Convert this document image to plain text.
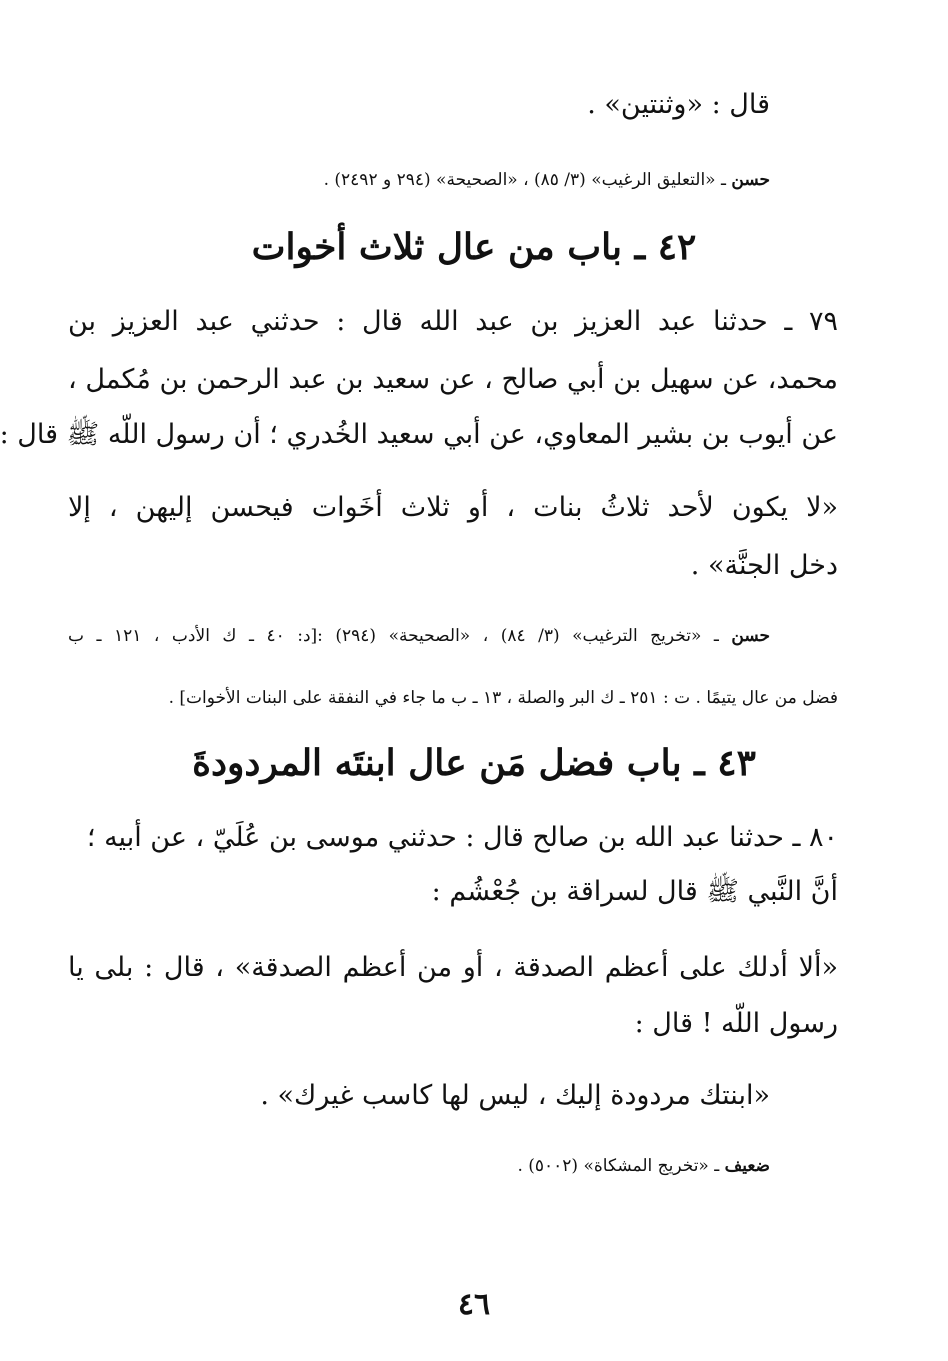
قال : «وثنتين» .
حسن ـ «التعليق الرغيب» (٣/ ٨٥) ، «الصحيحة» (٢٩٤ و ٢٤٩٢) .
٤٢ ـ باب من عال ثلاث أخوات
٧٩ ـ حدثنا عبد العزيز بن عبد الله قال : حدثني عبد العزيز بن
محمد، عن سهيل بن أبي صالح ، عن سعيد بن عبد الرحمن بن مُكمل ،
عن أيوب بن بشير المعاوي، عن أبي سعيد الخُدري ؛ أن رسول اللّه ﷺ قال :
«لا يكون لأحد ثلاثُ بنات ، أو ثلاث أخَوات فيحسن إليهن ، إلا
دخل الجنَّة» .
حسن ـ «تخريج الترغيب» (٣/ ٨٤) ، «الصحيحة» (٢٩٤) :[د: ٤٠ ـ ك الأدب ، ١٢١ ـ ب
فضل من عال يتيمًا . ت : ٢٥١ ـ ك البر والصلة ، ١٣ ـ ب ما جاء في النفقة على البنات الأخوات] .
٤٣ ـ باب فضل مَن عال ابنتَه المردودةَ
٨٠ ـ حدثنا عبد الله بن صالح قال : حدثني موسى بن عُلَيّ ، عن أبيه ؛
أنَّ النَّبي ﷺ قال لسراقة بن جُعْشُم :
«ألا أدلك على أعظم الصدقة ، أو من أعظم الصدقة» ، قال : بلى يا
رسول اللّه ! قال :
«ابنتك مردودة إليك ، ليس لها كاسب غيرك» .
ضعيف ـ «تخريج المشكاة» (٥٠٠٢) .
٤٦
